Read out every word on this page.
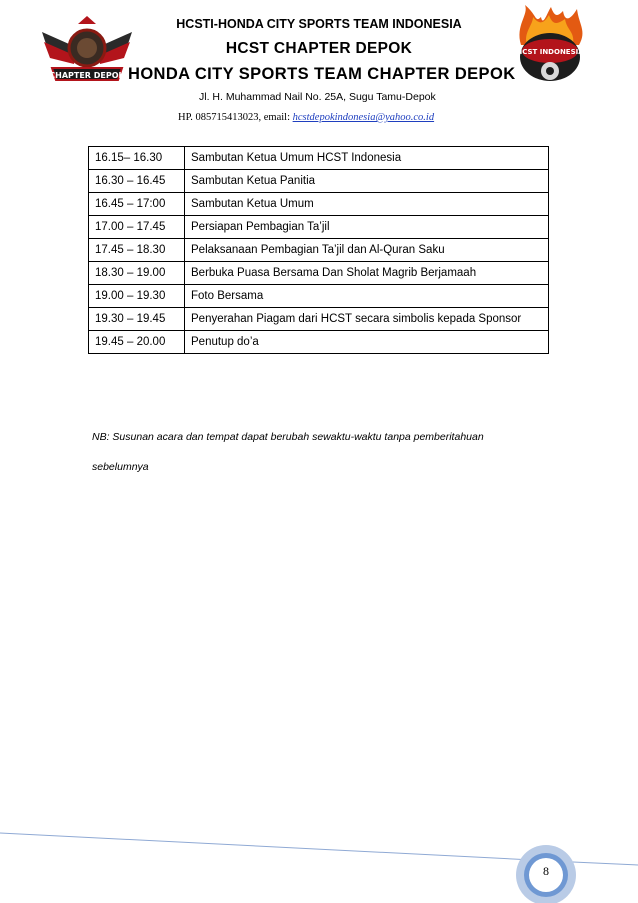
CHAPTER DEPOK
HCST INDONESIA
HCSTI-HONDA CITY SPORTS TEAM INDONESIA
HCST CHAPTER DEPOK
HONDA CITY SPORTS TEAM CHAPTER DEPOK
Jl. H. Muhammad Nail No. 25A, Sugu Tamu-Depok
HP. 085715413023, email: hcstdepokindonesia@yahoo.co.id
16.15– 16.30	Sambutan Ketua Umum HCST Indonesia
16.30 – 16.45	Sambutan Ketua Panitia
16.45 – 17:00	Sambutan Ketua Umum
17.00 – 17.45	Persiapan Pembagian Ta’jil
17.45 – 18.30	Pelaksanaan Pembagian Ta’jil dan Al-Quran Saku
18.30 – 19.00	Berbuka Puasa Bersama Dan Sholat Magrib Berjamaah
19.00 – 19.30	Foto Bersama
19.30 – 19.45	Penyerahan Piagam dari HCST secara simbolis kepada Sponsor
19.45 – 20.00	Penutup do’a
NB: Susunan acara dan tempat dapat berubah sewaktu-waktu tanpa pemberitahuan
sebelumnya
8
